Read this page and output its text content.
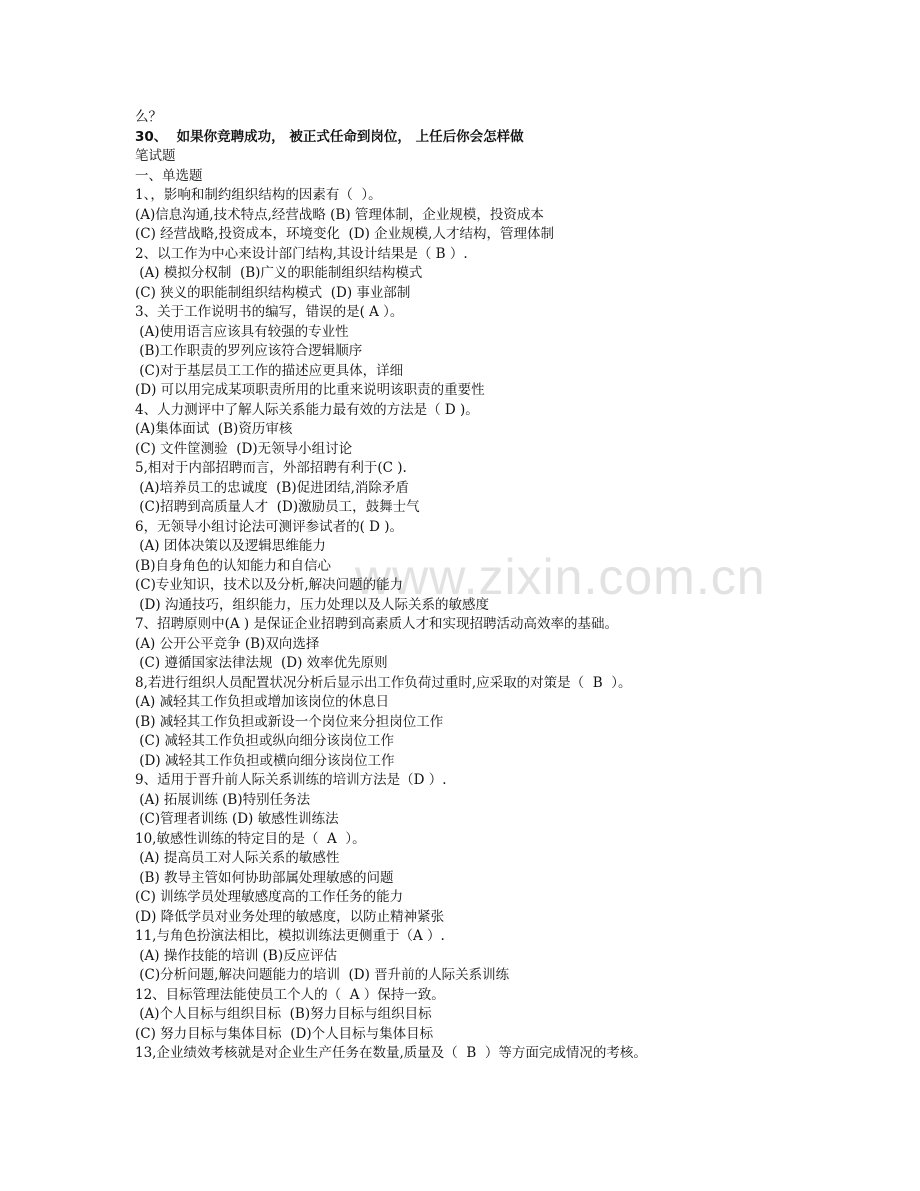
www.zixin.com.cn
么？
30、  如果你竞聘成功， 被正式任命到岗位， 上任后你会怎样做
笔试题
一、单选题
1、，影响和制约组织结构的因素有（  ）。
(A)信息沟通,技术特点,经营战略 (B) 管理体制，企业规模，投资成本
(C) 经营战略,投资成本，环境变化  (D) 企业规模,人才结构，管理体制
2、以工作为中心来设计部门结构,其设计结果是（ B ）.
(A) 模拟分权制  (B)广义的职能制组织结构模式
(C) 狭义的职能制组织结构模式  (D) 事业部制
3、关于工作说明书的编写，错误的是( A ）。
(A)使用语言应该具有较强的专业性
(B)工作职责的罗列应该符合逻辑顺序
(C)对于基层员工工作的描述应更具体，详细
(D) 可以用完成某项职责所用的比重来说明该职责的重要性
4、人力测评中了解人际关系能力最有效的方法是（ D )。
(A)集体面试  (B)资历审核
(C) 文件筐测验  (D)无领导小组讨论
5,相对于内部招聘而言，外部招聘有利于(C ).
(A)培养员工的忠诚度  (B)促进团结,消除矛盾
(C)招聘到高质量人才  (D)激励员工，鼓舞士气
6，无领导小组讨论法可测评参试者的( D )。
(A) 团体决策以及逻辑思维能力
(B)自身角色的认知能力和自信心
(C)专业知识，技术以及分析,解决问题的能力
(D) 沟通技巧，组织能力，压力处理以及人际关系的敏感度
7、招聘原则中(A ) 是保证企业招聘到高素质人才和实现招聘活动高效率的基础。
(A) 公开公平竞争 (B)双向选择
(C) 遵循国家法律法规  (D) 效率优先原则
8,若进行组织人员配置状况分析后显示出工作负荷过重时,应采取的对策是（  B  ）。
(A) 减轻其工作负担或增加该岗位的休息日
(B) 减轻其工作负担或新设一个岗位来分担岗位工作
(C) 减轻其工作负担或纵向细分该岗位工作
(D) 减轻其工作负担或横向细分该岗位工作
9、适用于晋升前人际关系训练的培训方法是（D ）.
(A) 拓展训练 (B)特别任务法
(C)管理者训练 (D) 敏感性训练法
10,敏感性训练的特定目的是（  A  ）。
(A) 提高员工对人际关系的敏感性
(B) 教导主管如何协助部属处理敏感的问题
(C) 训练学员处理敏感度高的工作任务的能力
(D) 降低学员对业务处理的敏感度，以防止精神紧张
11,与角色扮演法相比，模拟训练法更侧重于（A ）.
(A) 操作技能的培训 (B)反应评估
(C)分析问题,解决问题能力的培训  (D) 晋升前的人际关系训练
12、目标管理法能使员工个人的（  A ）保持一致。
(A)个人目标与组织目标  (B)努力目标与组织目标
(C) 努力目标与集体目标  (D)个人目标与集体目标
13,企业绩效考核就是对企业生产任务在数量,质量及（  B  ）等方面完成情况的考核。
